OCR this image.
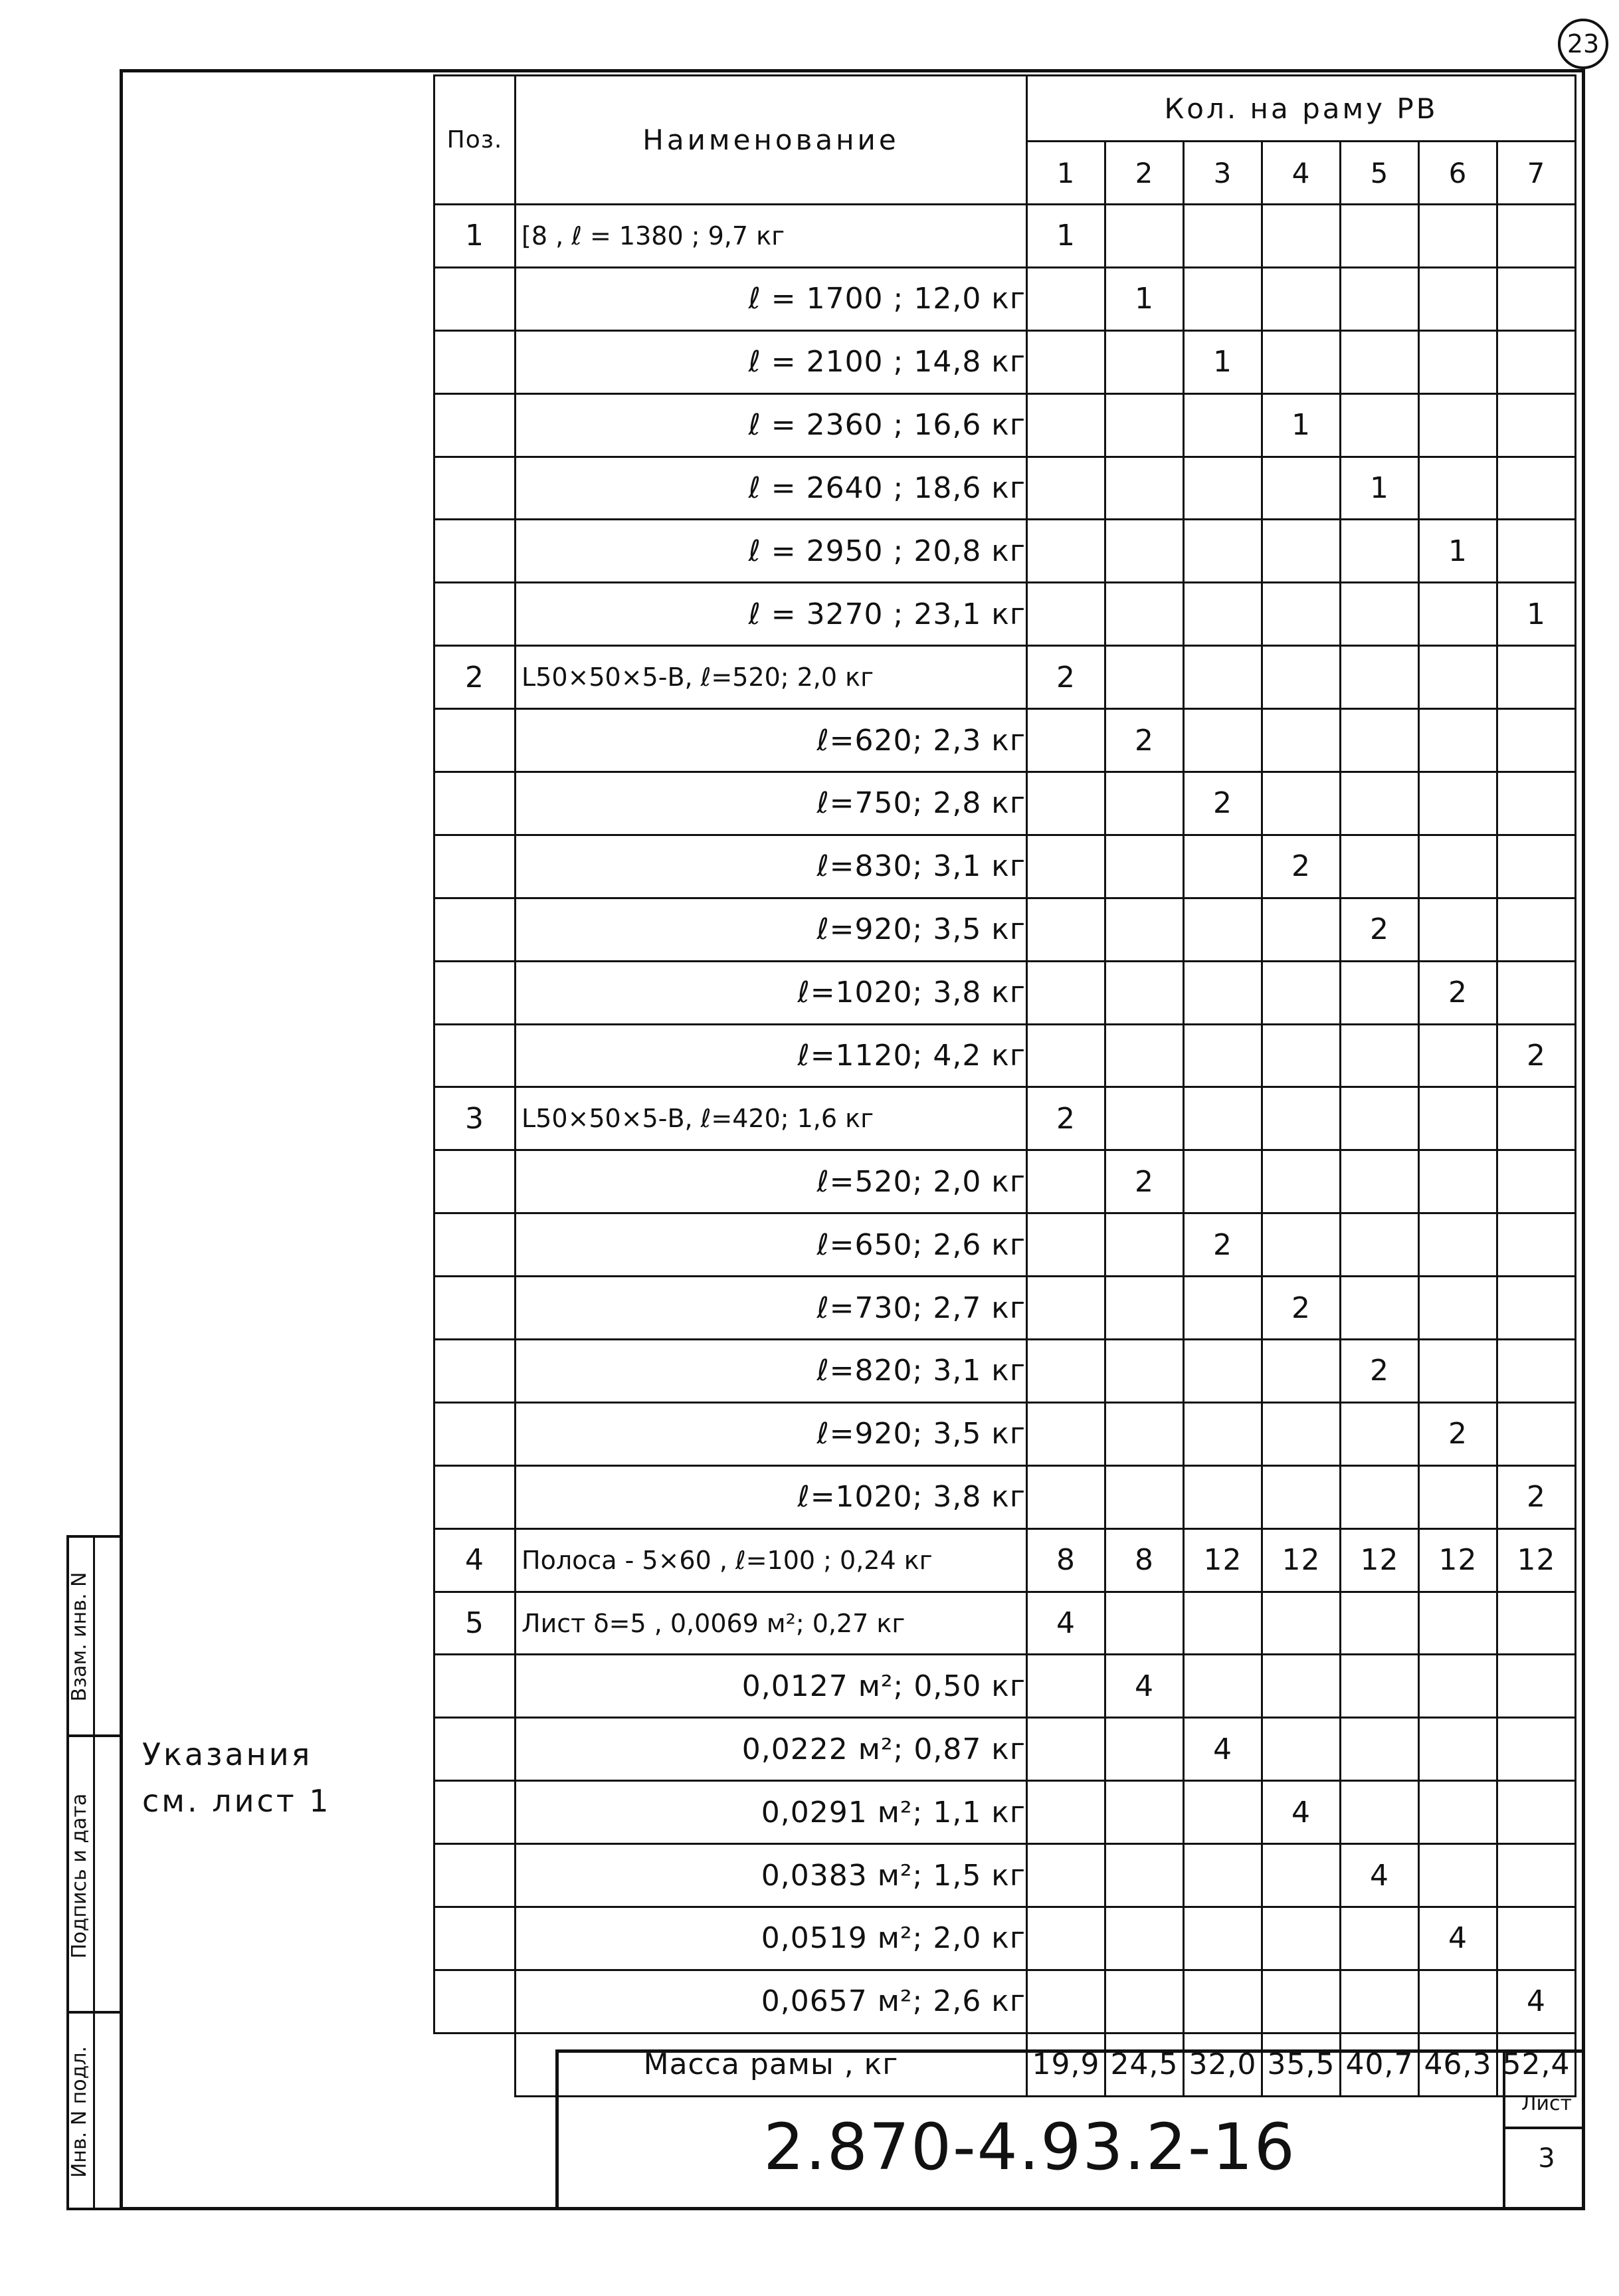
23
Взам. инв. N
Подпись и дата
Инв. N подл.
Поз.	Наименование	Кол. на раму РВ						
		1	2	3	4	5	6	7
1	[8 , ℓ = 1380 ; 9,7 кг	1						
	ℓ = 1700 ; 12,0 кг		1					
	ℓ = 2100 ; 14,8 кг			1				
	ℓ = 2360 ; 16,6 кг				1			
	ℓ = 2640 ; 18,6 кг					1		
	ℓ = 2950 ; 20,8 кг						1	
	ℓ = 3270 ; 23,1 кг							1
2	L50×50×5-В, ℓ=520; 2,0 кг	2						
	ℓ=620; 2,3 кг		2					
	ℓ=750; 2,8 кг			2				
	ℓ=830; 3,1 кг				2			
	ℓ=920; 3,5 кг					2		
	ℓ=1020; 3,8 кг						2	
	ℓ=1120; 4,2 кг							2
3	L50×50×5-В, ℓ=420; 1,6 кг	2						
	ℓ=520; 2,0 кг		2					
	ℓ=650; 2,6 кг			2				
	ℓ=730; 2,7 кг				2			
	ℓ=820; 3,1 кг					2		
	ℓ=920; 3,5 кг						2	
	ℓ=1020; 3,8 кг							2
4	Полоса - 5×60 , ℓ=100 ; 0,24 кг	8	8	12	12	12	12	12
5	Лист δ=5 , 0,0069 м²; 0,27 кг	4						
	0,0127 м²; 0,50 кг		4					
	0,0222 м²; 0,87 кг			4				
	0,0291 м²; 1,1 кг				4			
	0,0383 м²; 1,5 кг					4		
	0,0519 м²; 2,0 кг						4	
	0,0657 м²; 2,6 кг							4
	Масса рамы , кг	19,9	24,5	32,0	35,5	40,7	46,3	52,4
Указания
см. лист 1
2.870-4.93.2-16
Лист
3
